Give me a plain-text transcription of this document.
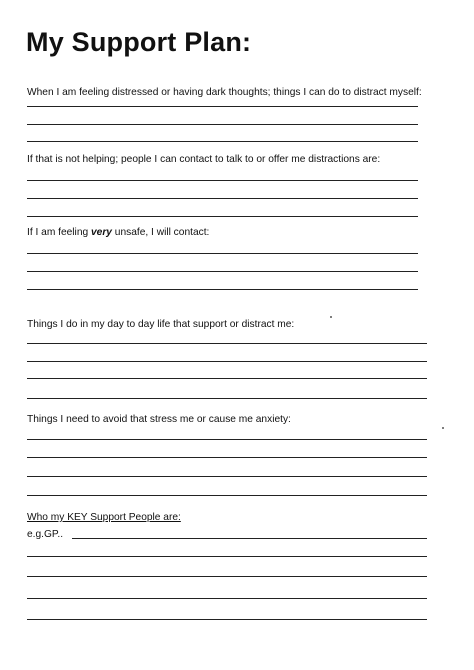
My Support Plan:
When I am feeling distressed or having dark thoughts; things I can do to distract myself:
If that is not helping; people I can contact to talk to or offer me distractions are:
If I am feeling very unsafe, I will contact:
Things I do in my day to day life that support or distract me:
Things I need to avoid that stress me or cause me anxiety:
Who my KEY Support People are:
e.g.GP..
